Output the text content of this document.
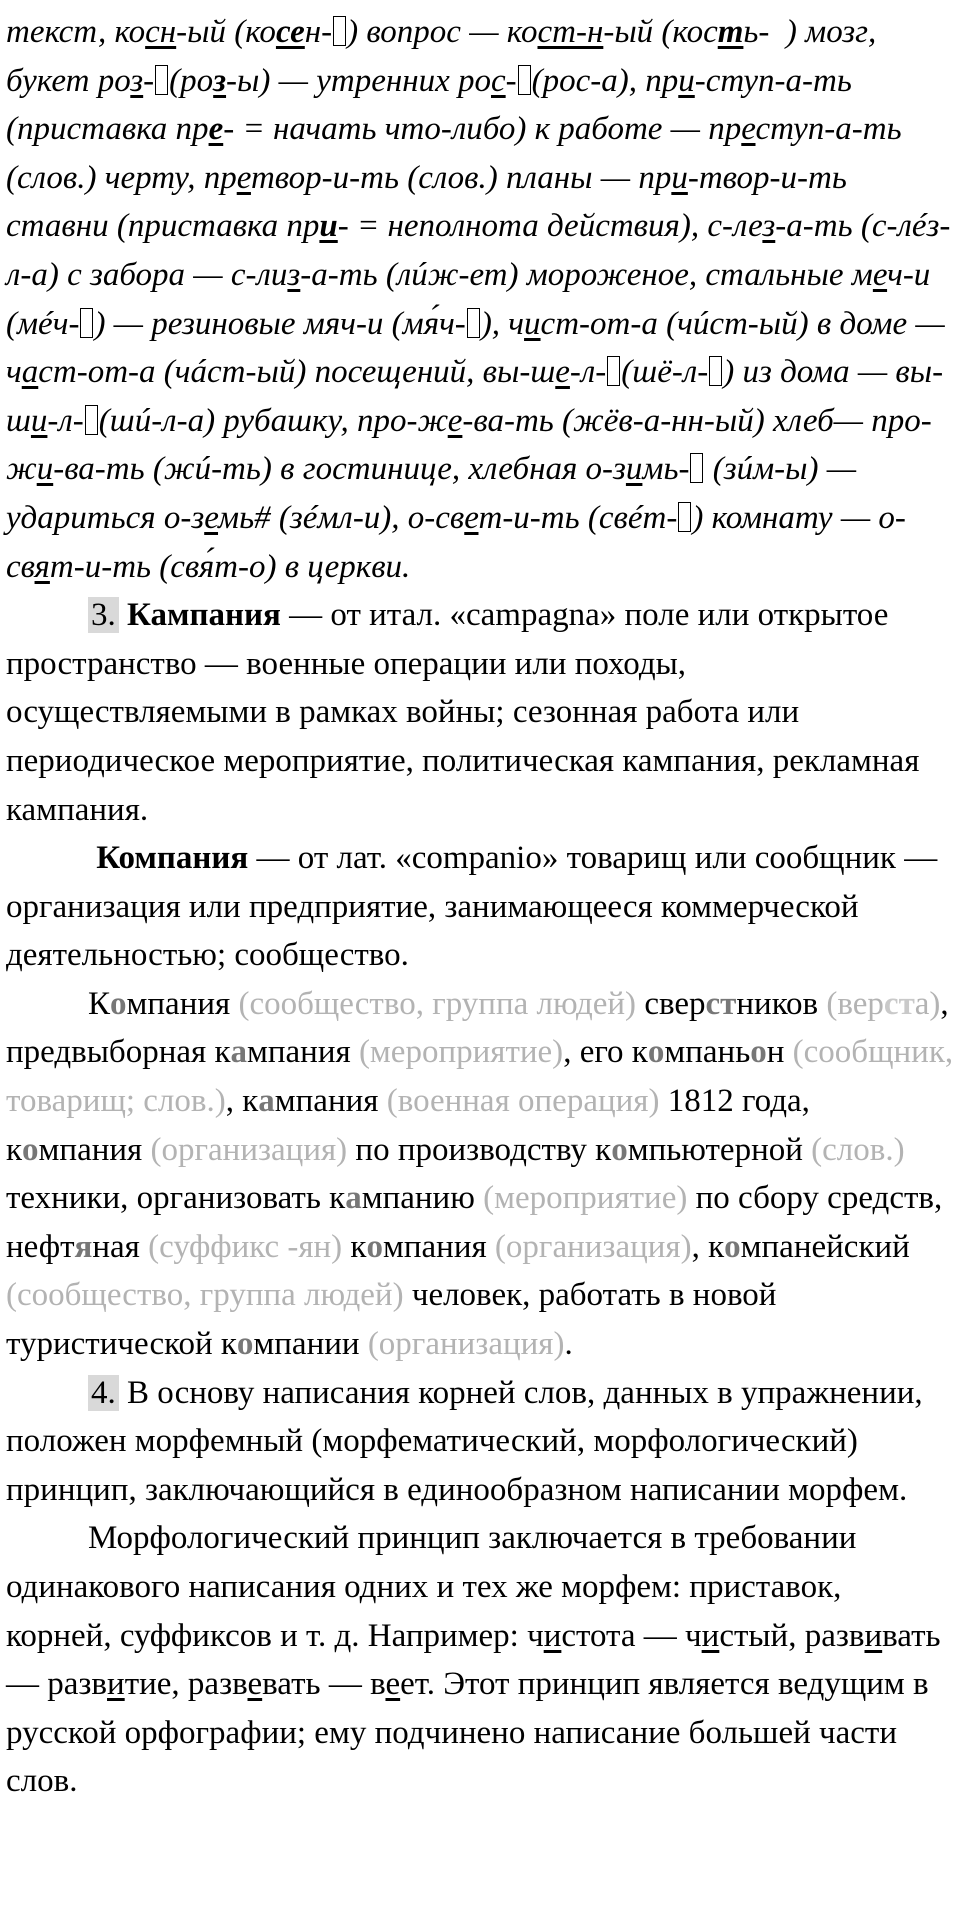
текст, косн-ый (косен- ) вопрос — кост-н-ый (кость-  ) мозг, букет роз- (роз-ы) — утренних рос- (рос-а), при-ступ-а-ть (приставка пре- = начать что-либо) к работе — преступ-а-ть (слов.) черту, претвор-и-ть (слов.) планы — при-твор-и-ть ставни (приставка при- = неполнота действия), с-лез-а-ть (с-лéз-л-а) с забора — с-лиз-а-ть (лúж-ет) мороженое, стальные меч-и (мéч- ) — резиновые мяч-и (мя́ч- ), чист-от-а (чúст-ый) в доме — част-от-а (чáст-ый) посещений, вы-ше-л- (шё-л- ) из дома — вы-ши-л- (шú-л-а) рубашку, про-же-ва-ть (жёв-а-нн-ый) хлеб— про-жи-ва-ть (жú-ть) в гостинице, хлебная о-зимь- (зúм-ы) — удариться о-земь# (зéмл-и), о-свет-и-ть (свéт- ) комнату — о-свят-и-ть (свя́т-о) в церкви.

3. Кампания — от итал. «campagna» поле или открытое пространство — военные операции или походы, осуществляемыми в рамках войны; сезонная работа или периодическое мероприятие, политическая кампания, рекламная кампания.

Компания — от лат. «companio» товарищ или сообщник — организация или предприятие, занимающееся коммерческой деятельностью; сообщество.

Компания (сообщество, группа людей) сверстников (верста), предвыборная кампания (мероприятие), его компаньон (сообщник, товарищ; слов.), кампания (военная операция) 1812 года, компания (организация) по производству компьютерной (слов.) техники, организовать кампанию (мероприятие) по сбору средств, нефтяная (суффикс -ян) компания (организация), компанейский (сообщество, группа людей) человек, работать в новой туристической компании (организация).

4. В основу написания корней слов, данных в упражнении, положен морфемный (морфематический, морфологический) принцип, заключающийся в единообразном написании морфем.

Морфологический принцип заключается в требовании одинакового написания одних и тех же морфем: приставок, корней, суффиксов и т. д. Например: чистота — чистый, развивать — развитие, развевать — веет. Этот принцип является ведущим в русской орфографии; ему подчинено написание большей части слов.
